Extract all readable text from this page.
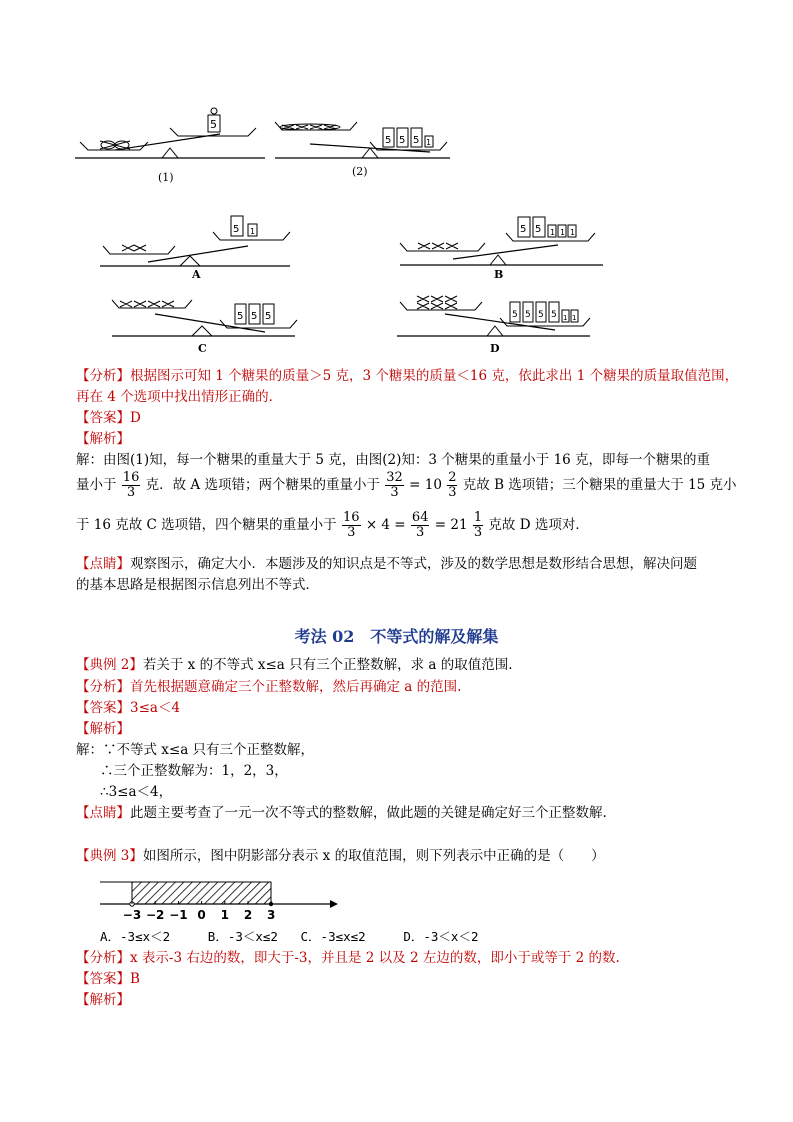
5
(1)
5 5 5 1
(2)
5 1
A
5 5 1 1 1
B
5 5 5
C
5 5 5 5 1 1
D
【分析】根据图示可知 1 个糖果的质量＞5 克，3 个糖果的质量＜16 克，依此求出 1 个糖果的质量取值范围，
再在 4 个选项中找出情形正确的．
【答案】D
【解析】
解：由图(1)知，每一个糖果的重量大于 5 克，由图(2)知：3 个糖果的重量小于 16 克，即每一个糖果的重
量小于 $\frac{16}{3}$ 克．故 A 选项错；两个糖果的重量小于 $\frac{32}{3} = 10 \frac{2}{3}$ 克故 B 选项错；三个糖果的重量大于 15 克小
于 16 克故 C 选项错，四个糖果的重量小于 $\frac{16}{3} \times 4 = \frac{64}{3} = 21 \frac{1}{3}$ 克故 D 选项对．
【点睛】观察图示，确定大小．本题涉及的知识点是不等式，涉及的数学思想是数形结合思想，解决问题
的基本思路是根据图示信息列出不等式．
考法 02　不等式的解及解集
【典例 2】若关于 x 的不等式 x≤a 只有三个正整数解，求 a 的取值范围.
【分析】首先根据题意确定三个正整数解，然后再确定 a 的范围.
【答案】3≤a＜4
【解析】
解：∵不等式 x≤a 只有三个正整数解，
∴三个正整数解为：1，2，3，
∴3≤a＜4，
【点睛】此题主要考查了一元一次不等式的整数解，做此题的关键是确定好三个正整数解.
【典例 3】如图所示，图中阴影部分表示 x 的取值范围，则下列表示中正确的是（　　）
−3 −2 −1 0 1 2 3
A．-3≤x＜2	B．-3＜x≤2 C．-3≤x≤2	D．-3＜x＜2
【分析】x 表示-3 右边的数，即大于-3，并且是 2 以及 2 左边的数，即小于或等于 2 的数.
【答案】B
【解析】
